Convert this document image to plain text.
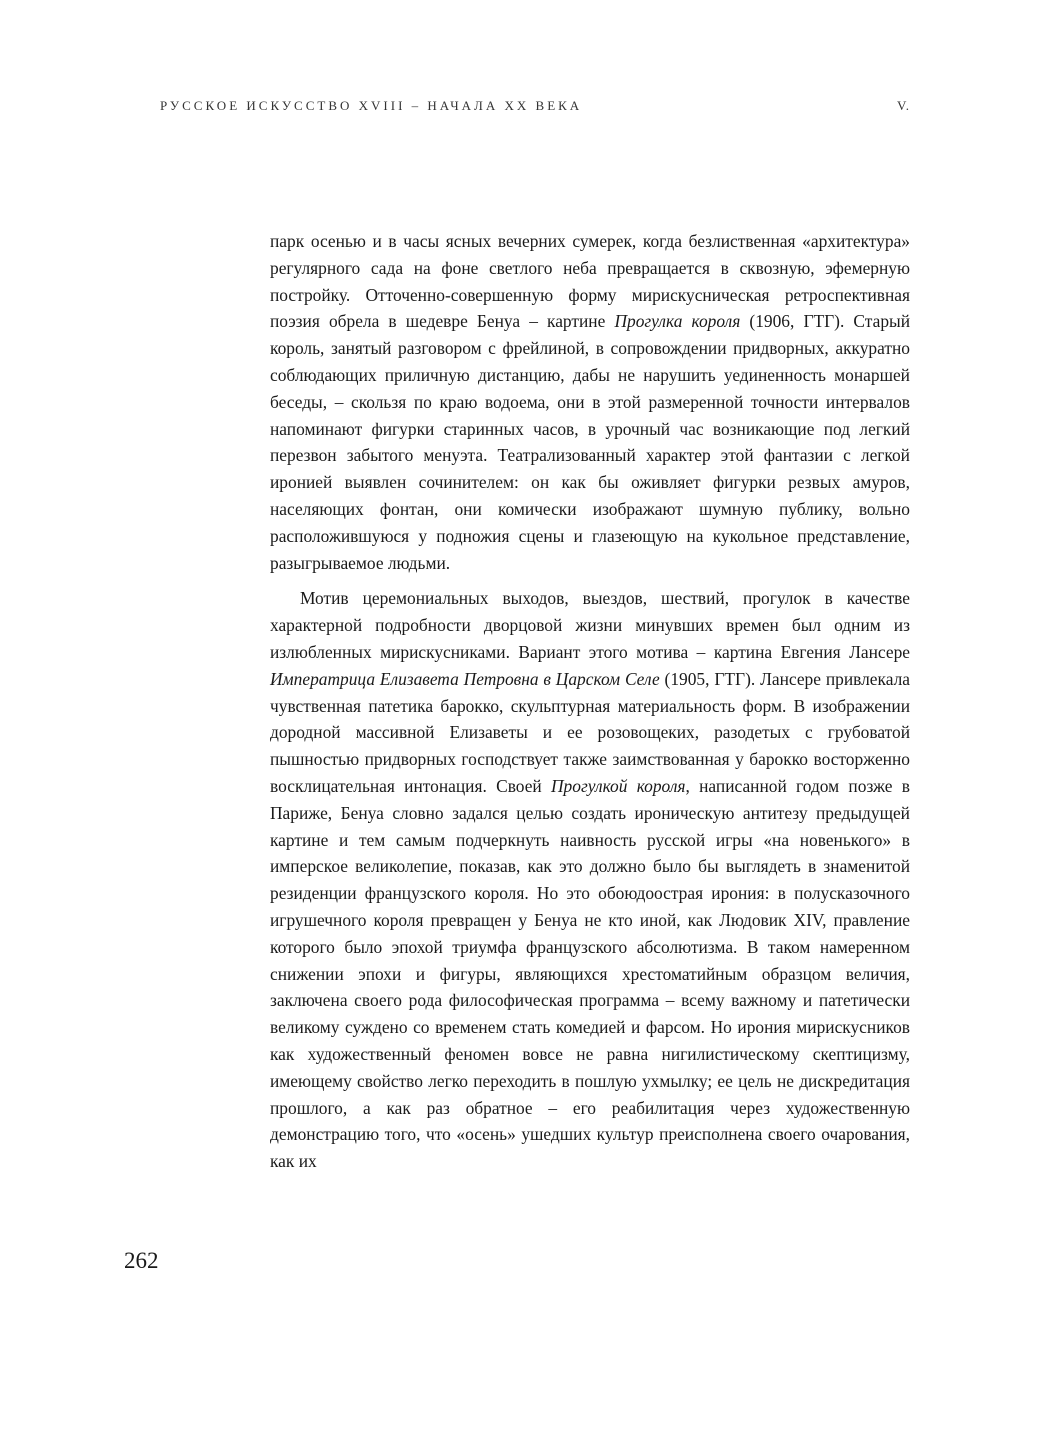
РУССКОЕ ИСКУССТВО XVIII – НАЧАЛА XX ВЕКА	V.

парк осенью и в часы ясных вечерних сумерек, когда безлиственная «архитектура» регулярного сада на фоне светлого неба превращается в сквозную, эфемерную постройку. Отточенно-совершенную форму мирискусническая ретроспективная поэзия обрела в шедевре Бенуа – картине Прогулка короля (1906, ГТГ). Старый король, занятый разговором с фрейлиной, в сопровождении придворных, аккуратно соблюдающих приличную дистанцию, дабы не нарушить уединенность монаршей беседы, – скользя по краю водоема, они в этой размеренной точности интервалов напоминают фигурки старинных часов, в урочный час возникающие под легкий перезвон забытого менуэта. Театрализованный характер этой фантазии с легкой иронией выявлен сочинителем: он как бы оживляет фигурки резвых амуров, населяющих фонтан, они комически изображают шумную публику, вольно расположившуюся у подножия сцены и глазеющую на кукольное представление, разыгрываемое людьми.

Мотив церемониальных выходов, выездов, шествий, прогулок в качестве характерной подробности дворцовой жизни минувших времен был одним из излюбленных мирискусниками. Вариант этого мотива – картина Евгения Лансере Императрица Елизавета Петровна в Царском Селе (1905, ГТГ). Лансере привлекала чувственная патетика барокко, скульптурная материальность форм. В изображении дородной массивной Елизаветы и ее розовощеких, разодетых с грубоватой пышностью придворных господствует также заимствованная у барокко восторженно восклицательная интонация. Своей Прогулкой короля, написанной годом позже в Париже, Бенуа словно задался целью создать ироническую антитезу предыдущей картине и тем самым подчеркнуть наивность русской игры «на новенького» в имперское великолепие, показав, как это должно было бы выглядеть в знаменитой резиденции французского короля. Но это обоюдоострая ирония: в полусказочного игрушечного короля превращен у Бенуа не кто иной, как Людовик XIV, правление которого было эпохой триумфа французского абсолютизма. В таком намеренном снижении эпохи и фигуры, являющихся хрестоматийным образцом величия, заключена своего рода философическая программа – всему важному и патетически великому суждено со временем стать комедией и фарсом. Но ирония мирискусников как художественный феномен вовсе не равна нигилистическому скептицизму, имеющему свойство легко переходить в пошлую ухмылку; ее цель не дискредитация прошлого, а как раз обратное – его реабилитация через художественную демонстрацию того, что «осень» ушедших культур преисполнена своего очарования, как их

262
